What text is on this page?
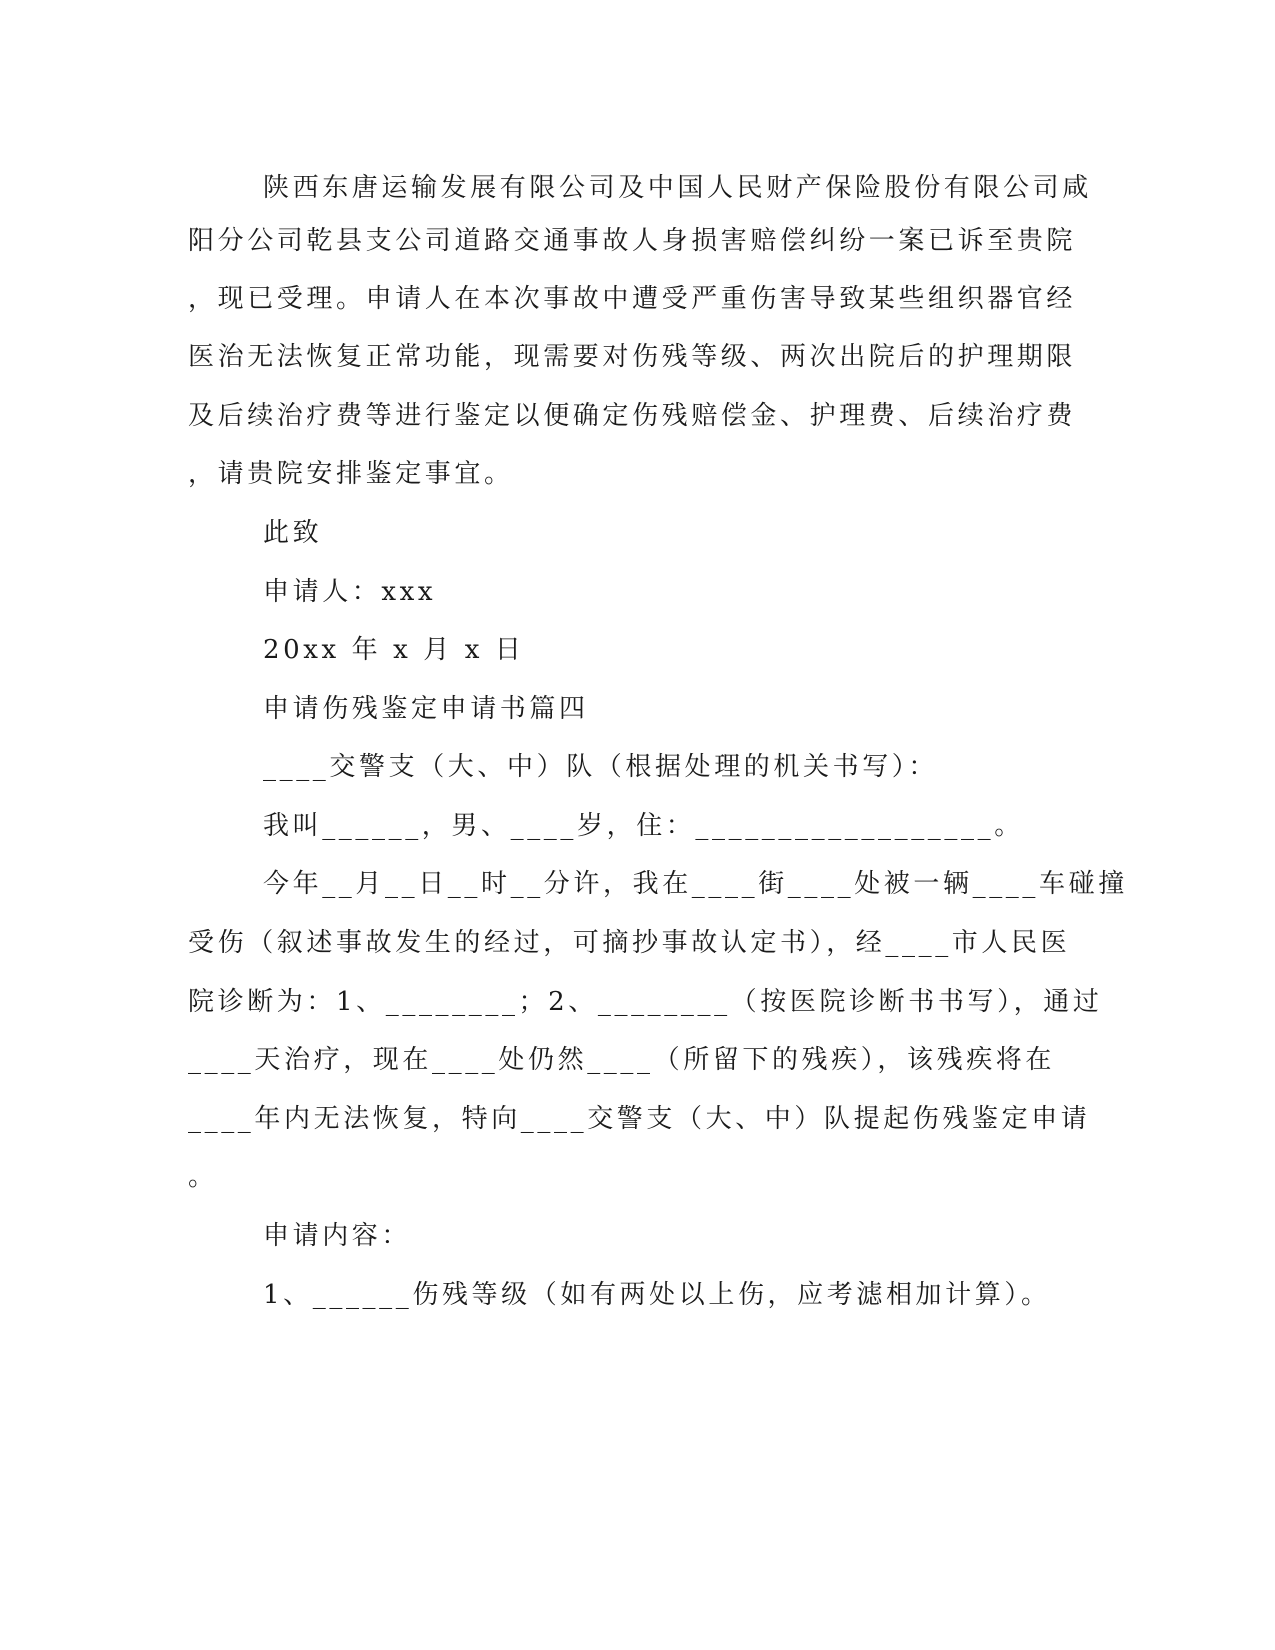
陕西东唐运输发展有限公司及中国人民财产保险股份有限公司咸
阳分公司乾县支公司道路交通事故人身损害赔偿纠纷一案已诉至贵院
，现已受理。申请人在本次事故中遭受严重伤害导致某些组织器官经
医治无法恢复正常功能，现需要对伤残等级、两次出院后的护理期限
及后续治疗费等进行鉴定以便确定伤残赔偿金、护理费、后续治疗费
，请贵院安排鉴定事宜。
此致
申请人：xxx
20xx 年 x 月 x 日
申请伤残鉴定申请书篇四
____交警支（大、中）队（根据处理的机关书写）：
我叫______，男、____岁，住：__________________。
今年__月__日__时__分许，我在____街____处被一辆____车碰撞
受伤（叙述事故发生的经过，可摘抄事故认定书），经____市人民医
院诊断为：1、________；2、________（按医院诊断书书写），通过
____天治疗，现在____处仍然____（所留下的残疾），该残疾将在
____年内无法恢复，特向____交警支（大、中）队提起伤残鉴定申请
。
申请内容：
1、______伤残等级（如有两处以上伤，应考滤相加计算）。
